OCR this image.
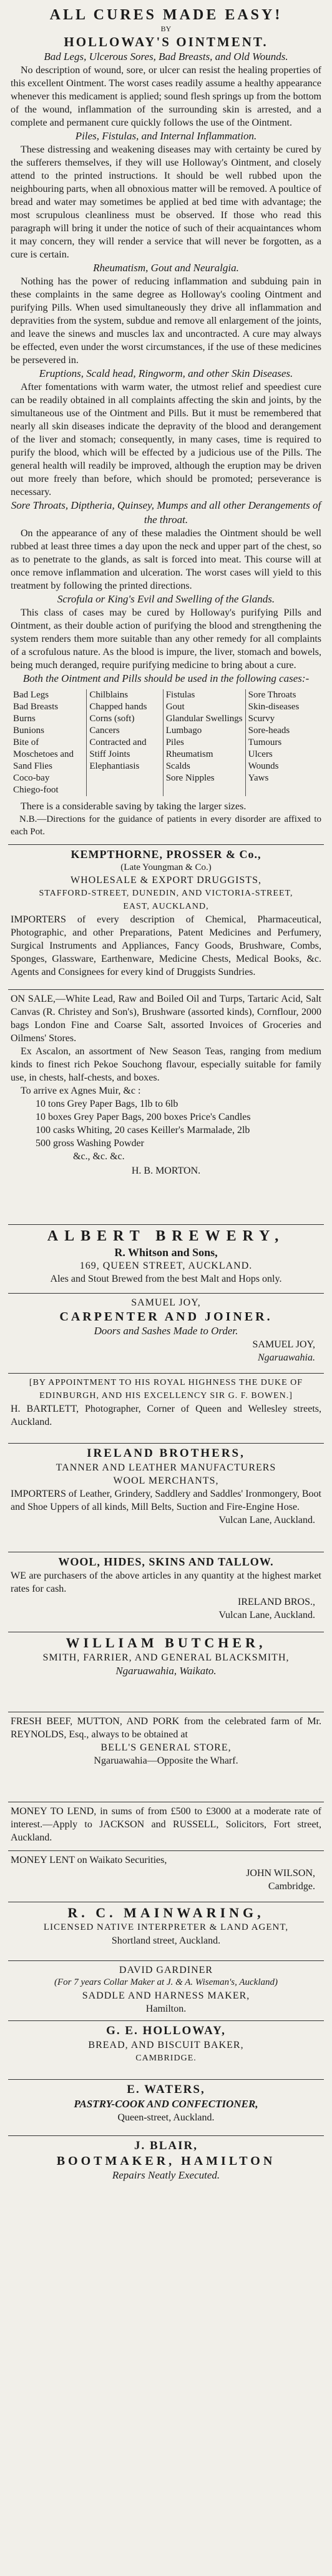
ALL CURES MADE EASY!
BY
HOLLOWAY'S OINTMENT.
Bad Legs, Ulcerous Sores, Bad Breasts, and Old Wounds.
No description of wound, sore, or ulcer can resist the healing properties of this excellent Ointment. The worst cases readily assume a healthy appearance whenever this medicament is applied; sound flesh springs up from the bottom of the wound, inflammation of the surrounding skin is arrested, and a complete and permanent cure quickly follows the use of the Ointment.
Piles, Fistulas, and Internal Inflammation.
These distressing and weakening diseases may with certainty be cured by the sufferers themselves, if they will use Holloway's Ointment, and closely attend to the printed instructions. It should be well rubbed upon the neighbouring parts, when all obnoxious matter will be removed. A poultice of bread and water may sometimes be applied at bed time with advantage; the most scrupulous cleanliness must be observed. If those who read this paragraph will bring it under the notice of such of their acquaintances whom it may concern, they will render a service that will never be forgotten, as a cure is certain.
Rheumatism, Gout and Neuralgia.
Nothing has the power of reducing inflammation and subduing pain in these complaints in the same degree as Holloway's cooling Ointment and purifying Pills. When used simultaneously they drive all inflammation and depravities from the system, subdue and remove all enlargement of the joints, and leave the sinews and muscles lax and uncontracted. A cure may always be effected, even under the worst circumstances, if the use of these medicines be persevered in.
Eruptions, Scald head, Ringworm, and other Skin Diseases.
After fomentations with warm water, the utmost relief and speediest cure can be readily obtained in all complaints affecting the skin and joints, by the simultaneous use of the Ointment and Pills. But it must be remembered that nearly all skin diseases indicate the depravity of the blood and derangement of the liver and stomach; consequently, in many cases, time is required to purify the blood, which will be effected by a judicious use of the Pills. The general health will readily be improved, although the eruption may be driven out more freely than before, which should be promoted; perseverance is necessary.
Sore Throats, Diptheria, Quinsey, Mumps and all other Derangements of the throat.
On the appearance of any of these maladies the Ointment should be well rubbed at least three times a day upon the neck and upper part of the chest, so as to penetrate to the glands, as salt is forced into meat. This course will at once remove inflammation and ulceration. The worst cases will yield to this treatment by following the printed directions.
Scrofula or King's Evil and Swelling of the Glands.
This class of cases may be cured by Holloway's purifying Pills and Ointment, as their double action of purifying the blood and strengthening the system renders them more suitable than any other remedy for all complaints of a scrofulous nature. As the blood is impure, the liver, stomach and bowels, being much deranged, require purifying medicine to bring about a cure.
Both the Ointment and Pills should be used in the following cases:-
Bad Legs
Bad Breasts
Burns
Bunions
Bite of Moschetoes and Sand Flies
Coco-bay
Chiego-foot
Chilblains
Chapped hands
Corns (soft)
Cancers
Contracted and Stiff Joints
Elephantiasis
Fistulas
Gout
Glandular Swellings
Lumbago
Piles
Rheumatism
Scalds
Sore Nipples
Sore Throats
Skin-diseases
Scurvy
Sore-heads
Tumours
Ulcers
Wounds
Yaws
There is a considerable saving by taking the larger sizes.
N.B.—Directions for the guidance of patients in every disorder are affixed to each Pot.
KEMPTHORNE, PROSSER & Co.,
(Late Youngman & Co.)
WHOLESALE & EXPORT DRUGGISTS,
STAFFORD-STREET, DUNEDIN, AND VICTORIA-STREET,
EAST, AUCKLAND,
IMPORTERS of every description of Chemical, Pharmaceutical, Photographic, and other Preparations, Patent Medicines and Perfumery, Surgical Instruments and Appliances, Fancy Goods, Brushware, Combs, Sponges, Glassware, Earthenware, Medicine Chests, Medical Books, &c. Agents and Consignees for every kind of Druggists Sundries.
ON SALE,—White Lead, Raw and Boiled Oil and Turps, Tartaric Acid, Salt Canvas (R. Christey and Son's), Brushware (assorted kinds), Cornflour, 2000 bags London Fine and Coarse Salt, assorted Invoices of Groceries and Oilmens' Stores.
Ex Ascalon, an assortment of New Season Teas, ranging from medium kinds to finest rich Pekoe Souchong flavour, especially suitable for family use, in chests, half-chests, and boxes.
To arrive ex Agnes Muir, &c :
10 tons Grey Paper Bags, 1lb to 6lb
10 boxes Grey Paper Bags, 200 boxes Price's Candles
100 casks Whiting, 20 cases Keiller's Marmalade, 2lb
500 gross Washing Powder
&c., &c. &c.
H. B. MORTON.
ALBERT BREWERY,
R. Whitson and Sons,
169, QUEEN STREET, AUCKLAND.
Ales and Stout Brewed from the best Malt and Hops only.
SAMUEL JOY,
CARPENTER AND JOINER.
Doors and Sashes Made to Order.
SAMUEL JOY,
Ngaruawahia.
[BY APPOINTMENT TO HIS ROYAL HIGHNESS THE DUKE OF EDINBURGH, AND HIS EXCELLENCY SIR G. F. BOWEN.]
H. BARTLETT, Photographer, Corner of Queen and Wellesley streets, Auckland.
IRELAND BROTHERS,
TANNER AND LEATHER MANUFACTURERS
WOOL MERCHANTS,
IMPORTERS of Leather, Grindery, Saddlery and Saddles' Ironmongery, Boot and Shoe Uppers of all kinds, Mill Belts, Suction and Fire-Engine Hose.
Vulcan Lane, Auckland.
WOOL, HIDES, SKINS AND TALLOW.
WE are purchasers of the above articles in any quantity at the highest market rates for cash.
IRELAND BROS.,
Vulcan Lane, Auckland.
WILLIAM BUTCHER,
SMITH, FARRIER, AND GENERAL BLACKSMITH,
Ngaruawahia, Waikato.
FRESH BEEF, MUTTON, AND PORK from the celebrated farm of Mr. REYNOLDS, Esq., always to be obtained at
BELL'S GENERAL STORE,
Ngaruawahia—Opposite the Wharf.
MONEY TO LEND, in sums of from £500 to £3000 at a moderate rate of interest.—Apply to JACKSON and RUSSELL, Solicitors, Fort street, Auckland.
MONEY LENT on Waikato Securities,
JOHN WILSON,
Cambridge.
R. C. MAINWARING,
LICENSED NATIVE INTERPRETER & LAND AGENT,
Shortland street, Auckland.
DAVID GARDINER
(For 7 years Collar Maker at J. & A. Wiseman's, Auckland)
SADDLE AND HARNESS MAKER,
Hamilton.
G. E. HOLLOWAY,
BREAD, AND BISCUIT BAKER,
CAMBRIDGE.
E. WATERS,
PASTRY-COOK AND CONFECTIONER,
Queen-street, Auckland.
J. BLAIR,
BOOTMAKER, HAMILTON
Repairs Neatly Executed.
